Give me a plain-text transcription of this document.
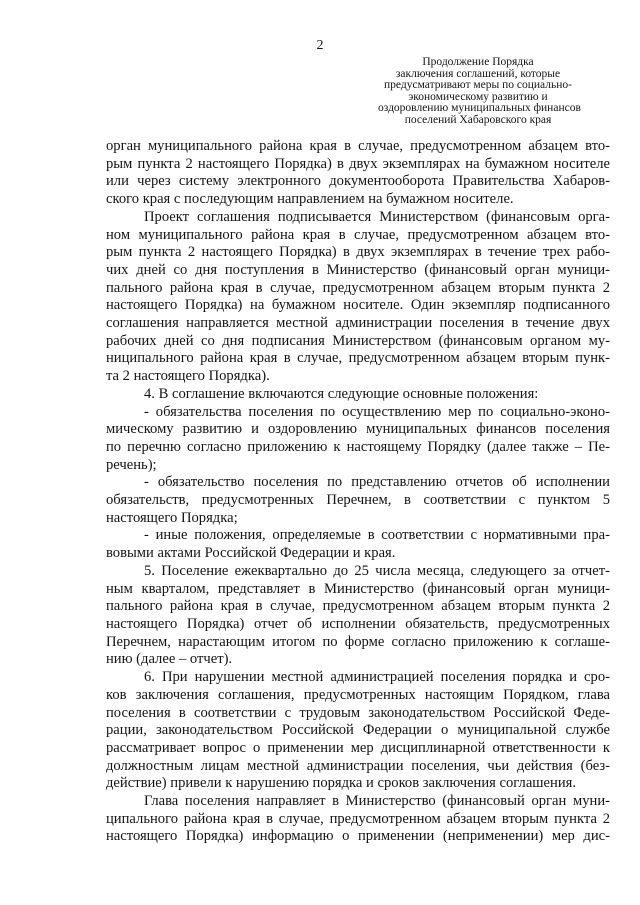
2
Продолжение Порядка
заключения соглашений, которые
предусматривают меры по социально-
экономическому развитию и
оздоровлению муниципальных финансов
поселений Хабаровского края

орган муниципального района края в случае, предусмотренном абзацем вто-
рым пункта 2 настоящего Порядка) в двух экземплярах на бумажном носителе
или через систему электронного документооборота Правительства Хабаров-
ского края с последующим направлением на бумажном носителе.

Проект соглашения подписывается Министерством (финансовым орга-
ном муниципального района края в случае, предусмотренном абзацем вто-
рым пункта 2 настоящего Порядка) в двух экземплярах в течение трех рабо-
чих дней со дня поступления в Министерство (финансовый орган муници-
пального района края в случае, предусмотренном абзацем вторым пункта 2
настоящего Порядка) на бумажном носителе. Один экземпляр подписанного
соглашения направляется местной администрации поселения в течение двух
рабочих дней со дня подписания Министерством (финансовым органом му-
ниципального района края в случае, предусмотренном абзацем вторым пунк-
та 2 настоящего Порядка).

4. В соглашение включаются следующие основные положения:

- обязательства поселения по осуществлению мер по социально-эконо-
мическому развитию и оздоровлению муниципальных финансов поселения
по перечню согласно приложению к настоящему Порядку (далее также – Пе-
речень);

- обязательство поселения по представлению отчетов об исполнении
обязательств, предусмотренных Перечнем, в соответствии с пунктом 5
настоящего Порядка;

- иные положения, определяемые в соответствии с нормативными пра-
вовыми актами Российской Федерации и края.

5. Поселение ежеквартально до 25 числа месяца, следующего за отчет-
ным кварталом, представляет в Министерство (финансовый орган муници-
пального района края в случае, предусмотренном абзацем вторым пункта 2
настоящего Порядка) отчет об исполнении обязательств, предусмотренных
Перечнем, нарастающим итогом по форме согласно приложению к соглаше-
нию (далее – отчет).

6. При нарушении местной администрацией поселения порядка и сро-
ков заключения соглашения, предусмотренных настоящим Порядком, глава
поселения в соответствии с трудовым законодательством Российской Феде-
рации, законодательством Российской Федерации о муниципальной службе
рассматривает вопрос о применении мер дисциплинарной ответственности к
должностным лицам местной администрации поселения, чьи действия (без-
действие) привели к нарушению порядка и сроков заключения соглашения.

Глава поселения направляет в Министерство (финансовый орган муни-
ципального района края в случае, предусмотренном абзацем вторым пункта 2
настоящего Порядка) информацию о применении (неприменении) мер дис-
